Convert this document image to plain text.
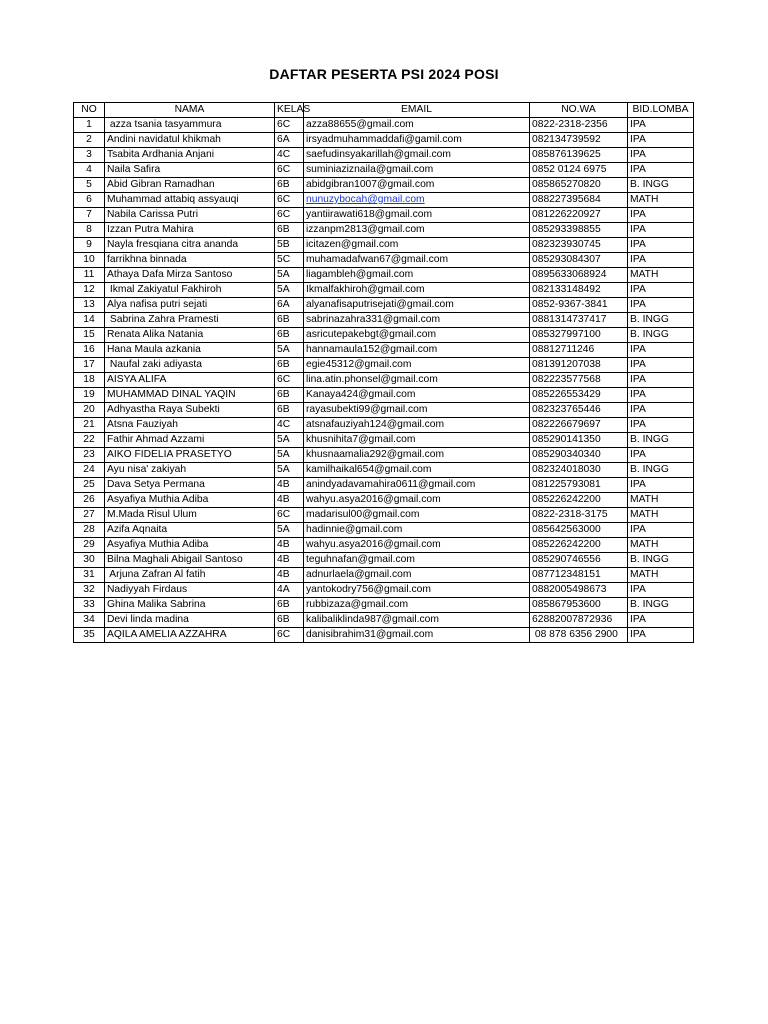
DAFTAR PESERTA PSI 2024 POSI
NO	NAMA	KELAS	EMAIL	NO.WA	BID.LOMBA
1	azza tsania tasyammura	6C	azza88655@gmail.com	0822-2318-2356	IPA
2	Andini navidatul khikmah	6A	irsyadmuhammaddafi@gamil.com	082134739592	IPA
3	Tsabita Ardhania Anjani	4C	saefudinsyakarillah@gmail.com	085876139625	IPA
4	Naila Safira	6C	suminiaziznaila@gmail.com	0852 0124 6975	IPA
5	Abid Gibran Ramadhan	6B	abidgibran1007@gmail.com	085865270820	B. INGG
6	Muhammad attabiq assyauqi	6C	nunuzybocah@gmail.com	088227395684	MATH
7	Nabila Carissa Putri	6C	yantiirawati618@gmail.com	081226220927	IPA
8	Izzan Putra Mahira	6B	izzanpm2813@gmail.com	085293398855	IPA
9	Nayla fresqiana citra ananda	5B	icitazen@gmail.com	082323930745	IPA
10	farrikhna binnada	5C	muhamadafwan67@gmail.com	085293084307	IPA
11	Athaya Dafa Mirza Santoso	5A	liagambleh@gmail.com	0895633068924	MATH
12	Ikmal Zakiyatul Fakhiroh	5A	Ikmalfakhiroh@gmail.com	082133148492	IPA
13	Alya nafisa putri sejati	6A	alyanafisaputrisejati@gmail.com	0852-9367-3841	IPA
14	Sabrina Zahra Pramesti	6B	sabrinazahra331@gmail.com	0881314737417	B. INGG
15	Renata Alika Natania	6B	asricutepakebgt@gmail.com	085327997100	B. INGG
16	Hana Maula azkania	5A	hannamaula152@gmail.com	08812711246	IPA
17	Naufal zaki adiyasta	6B	egie45312@gmail.com	081391207038	IPA
18	AISYA ALIFA	6C	lina.atin.phonsel@gmail.com	082223577568	IPA
19	MUHAMMAD DINAL YAQIN	6B	Kanaya424@gmail.com	085226553429	IPA
20	Adhyastha Raya Subekti	6B	rayasubekti99@gmail.com	082323765446	IPA
21	Atsna Fauziyah	4C	atsnafauziyah124@gmail.com	082226679697	IPA
22	Fathir Ahmad Azzami	5A	khusnihita7@gmail.com	085290141350	B. INGG
23	AIKO FIDELIA PRASETYO	5A	khusnaamalia292@gmail.com	085290340340	IPA
24	Ayu nisa' zakiyah	5A	kamilhaikal654@gmail.com	082324018030	B. INGG
25	Dava Setya Permana	4B	anindyadavamahira0611@gmail.com	081225793081	IPA
26	Asyafiya Muthia Adiba	4B	wahyu.asya2016@gmail.com	085226242200	MATH
27	M.Mada Risul Ulum	6C	madarisul00@gmail.com	0822-2318-3175	MATH
28	Azifa Aqnaita	5A	hadinnie@gmail.com	085642563000	IPA
29	Asyafiya Muthia Adiba	4B	wahyu.asya2016@gmail.com	085226242200	MATH
30	Bilna Maghali Abigail Santoso	4B	teguhnafan@gmail.com	085290746556	B. INGG
31	Arjuna Zafran Al fatih	4B	adnurlaela@gmail.com	087712348151	MATH
32	Nadiyyah Firdaus	4A	yantokodry756@gmail.com	0882005498673	IPA
33	Ghina Malika Sabrina	6B	rubbizaza@gmail.com	085867953600	B. INGG
34	Devi linda madina	6B	kalibaliklinda987@gmail.com	62882007872936	IPA
35	AQILA AMELIA AZZAHRA	6C	danisibrahim31@gmail.com	08 878 6356 2900	IPA
